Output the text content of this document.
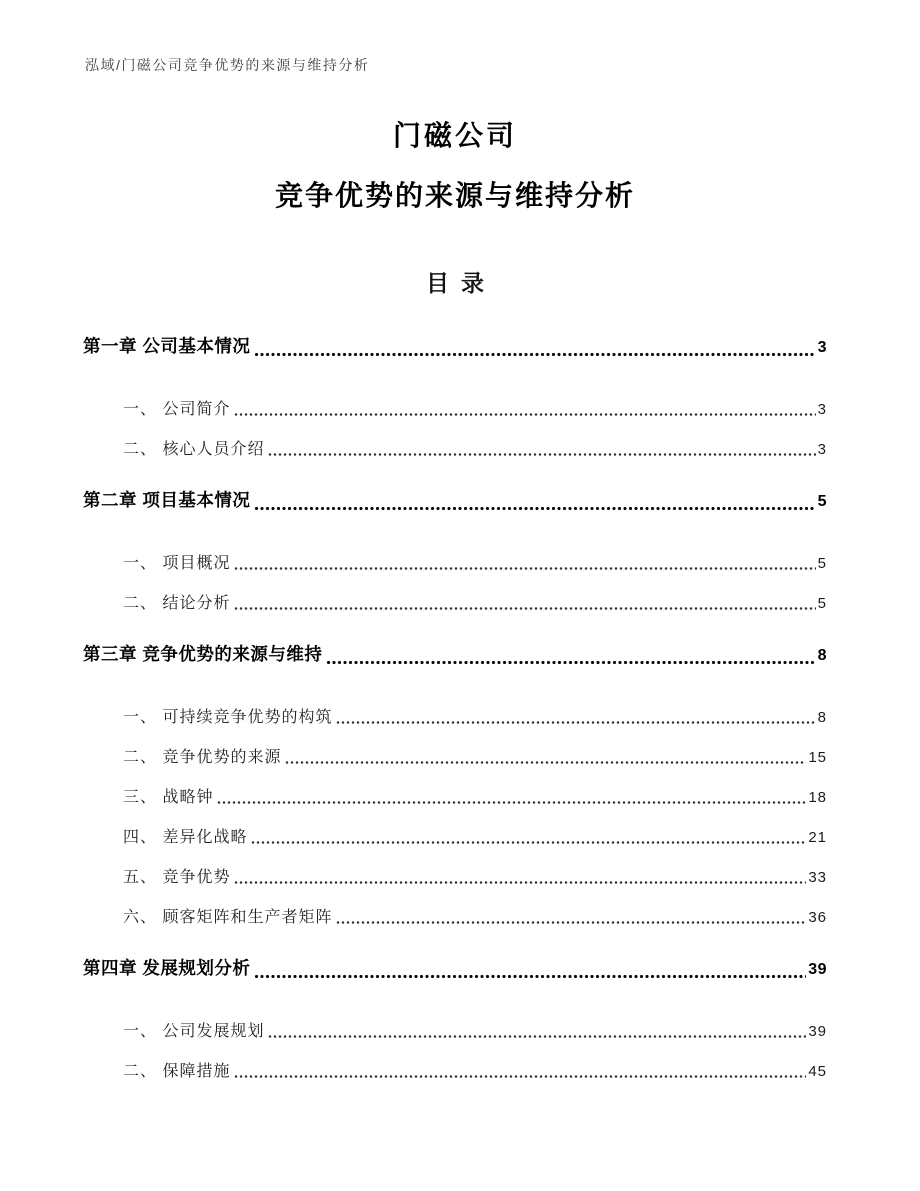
泓域/门磁公司竞争优势的来源与维持分析
门磁公司
竞争优势的来源与维持分析
目录
第一章 公司基本情况	3
一、 公司简介	3
二、 核心人员介绍	3
第二章 项目基本情况	5
一、 项目概况	5
二、 结论分析	5
第三章 竞争优势的来源与维持	8
一、 可持续竞争优势的构筑	8
二、 竞争优势的来源	15
三、 战略钟	18
四、 差异化战略	21
五、 竞争优势	33
六、 顾客矩阵和生产者矩阵	36
第四章 发展规划分析	39
一、 公司发展规划	39
二、 保障措施	45
